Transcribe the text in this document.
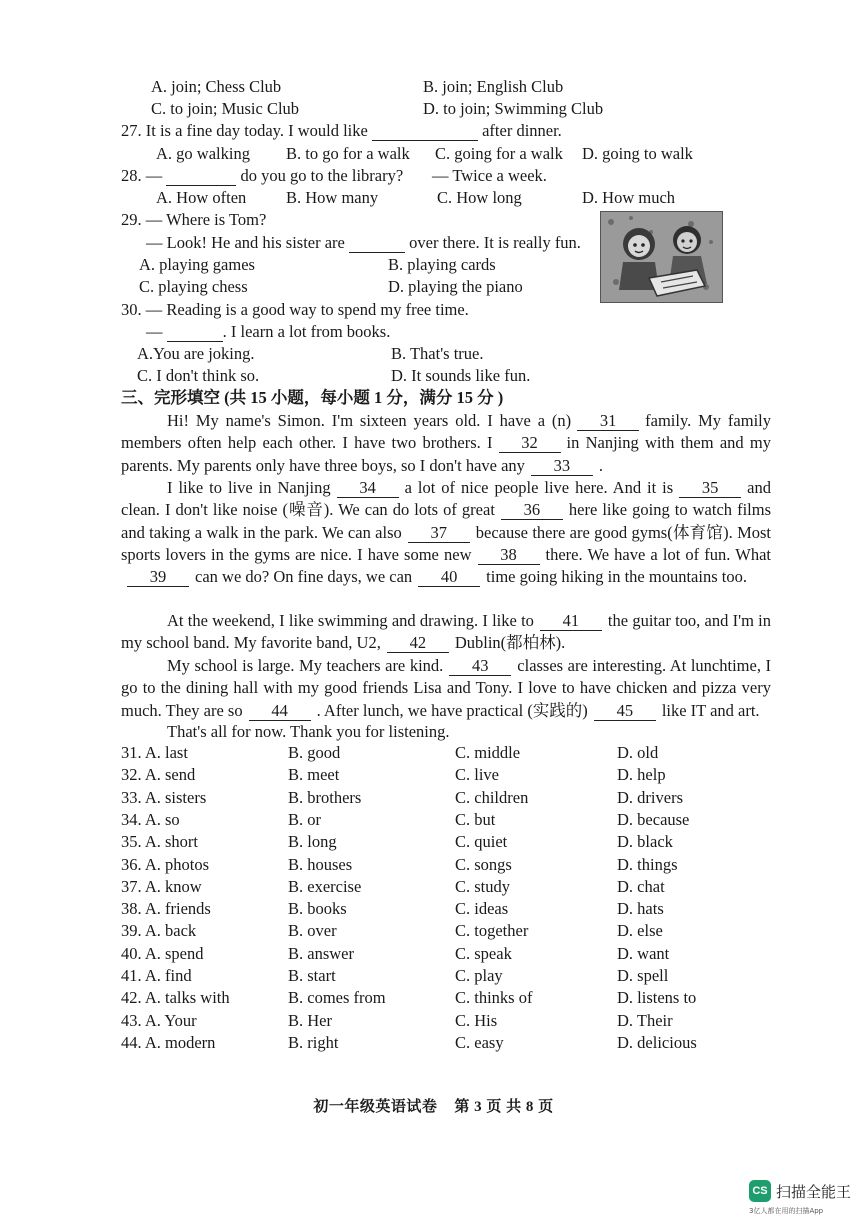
A. join; Chess Club	B. join; English Club
C. to join; Music Club	D. to join; Swimming Club
27. It is a fine day today. I would like	after dinner.
A. go walking B. to go for a walk C. going for a walk D. going to walk
28. —	do you go to the library? — Twice a week.
A. How often B. How many	C. How long	D. How much
29. — Where is Tom?
— Look! He and his sister are	over there. It is really fun.
A. playing games	B. playing cards
C. playing chess	D. playing the piano
30. — Reading is a good way to spend my free time.
—	. I learn a lot from books.
A.You are joking.	B. That's true.
C. I don't think so.	D. It sounds like fun.
三、完形填空 (共 15 小题，每小题 1 分，满分 15 分 )
Hi! My name's Simon. I'm sixteen years old. I have a (n) 31 family. My family members often help each other. I have two brothers. I 32 in Nanjing with them and my parents. My parents only have three boys, so I don't have any 33 .
I like to live in Nanjing 34 a lot of nice people live here. And it is 35 and clean. I don't like noise (噪音). We can do lots of great 36 here like going to watch films and taking a walk in the park. We can also 37 because there are good gyms(体育馆). Most sports lovers in the gyms are nice. I have some new 38 there. We have a lot of fun. What39 can we do? On fine days, we can 40 time going hiking in the mountains too.
At the weekend, I like swimming and drawing. I like to 41 the guitar too, and I'm in my school band. My favorite band, U2, 42 Dublin(都柏林).
My school is large. My teachers are kind. 43 classes are interesting. At lunchtime, I go to the dining hall with my good friends Lisa and Tony. I love to have chicken and pizza very much. They are so 44 . After lunch, we have practical (实践的) 45 like IT and art.
That's all for now. Thank you for listening.
31. A. last	B. good	C. middle	D. old
32. A. send	B. meet	C. live	D. help
33. A. sisters	B. brothers	C. children	D. drivers
34. A. so	B. or	C. but	D. because
35. A. short	B. long	C. quiet	D. black
36. A. photos	B. houses	C. songs	D. things
37. A. know	B. exercise	C. study	D. chat
38. A. friends	B. books	C. ideas	D. hats
39. A. back	B. over	C. together	D. else
40. A. spend	B. answer	C. speak	D. want
41. A. find	B. start	C. play	D. spell
42. A. talks with	B. comes from	C. thinks of	D. listens to
43. A. Your	B. Her	C. His	D. Their
44. A. modern	B. right	C. easy	D. delicious
初一年级英语试卷    第 3 页 共 8 页
CS 扫描全能王
3亿人都在用的扫描App
